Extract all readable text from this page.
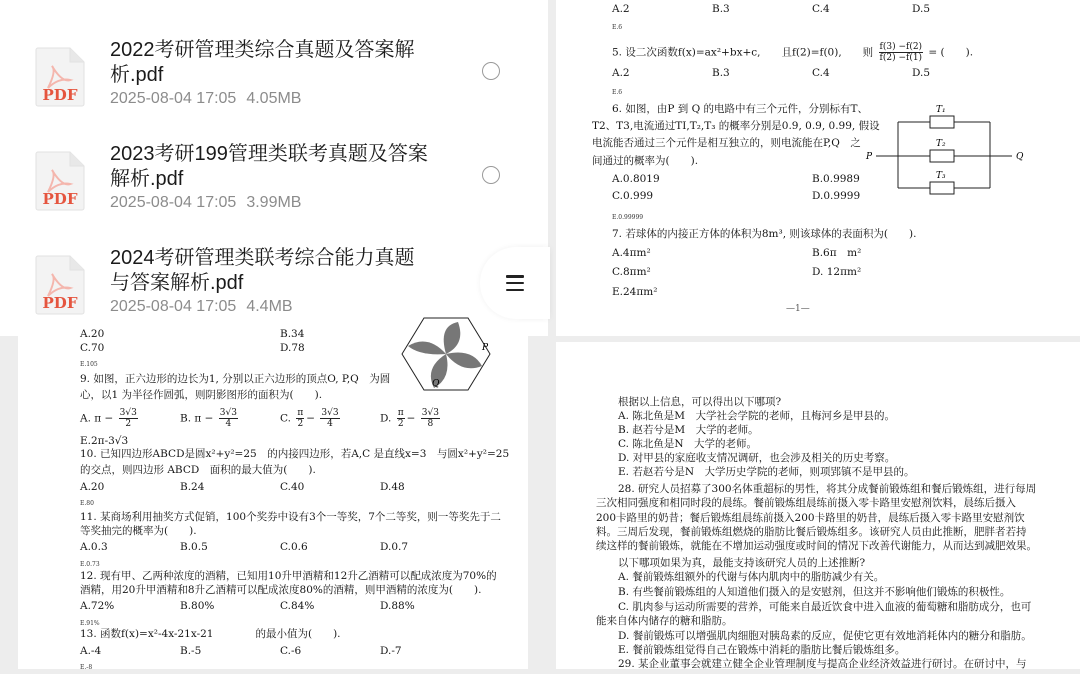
PDF
2022考研管理类综合真题及答案解
析.pdf
2025-08-04 17:05 4.05MB
PDF
2023考研199管理类联考真题及答案
解析.pdf
2025-08-04 17:05 3.99MB
PDF
2024考研管理类联考综合能力真题
与答案解析.pdf
2025-08-04 17:05 4.4MB
A.20	B.34
C.70	D.78
E.105
P
Q
9. 如图，正六边形的边长为1, 分别以正六边形的顶点O, P,Q　为圆
心，以1 为半径作圆弧，则阴影图形的面积为(　　).
A. $\pi - \frac{3√3}{2}$	B. $\pi - \frac{3√3}{4}$	C. $\frac{\pi}{2} - \frac{3√3}{4}$	D. $\frac{\pi}{2} - \frac{3√3}{8}$
E.2π-3√3
10. 已知四边形ABCD是圆x²+y²=25　的内接四边形，若A,C 是直线x=3　与圆x²+y²=25
的交点，则四边形 ABCD　面积的最大值为(　　).
A.20	B.24	C.40	D.48
E.80
11. 某商场利用抽奖方式促销，100个奖券中设有3个一等奖，7个二等奖，则一等奖先于二
等奖抽完的概率为(　　).
A.0.3	B.0.5	C.0.6	D.0.7
E.0.73
12. 现有甲、乙两种浓度的酒精，已知用10升甲酒精和12升乙酒精可以配成浓度为70%的
酒精，用20升甲酒精和8升乙酒精可以配成浓度80%的酒精，则甲酒精的浓度为(　　).
A.72%	B.80%	C.84%	D.88%
E.91%
13. 函数f(x)=x²-4x-21x-21　　　　的最小值为(　　).
A.-4	B.-5	C.-6	D.-7
E.-8
A.2	B.3	C.4	D.5
E.6
5. 设二次函数f(x)=ax²+bx+c,　　且f(2)=f(0),　　则 $\frac{f(3) -f(2)}{f(2) -f(1)}$ = (　　).
A.2	B.3	C.4	D.5
E.6
6. 如图，由P 到 Q 的电路中有三个元件，分别标有T、
T2、T3,电流通过TI,T₂,T₃ 的概率分别是0.9, 0.9, 0.99, 假设
电流能否通过三个元件是相互独立的，则电流能在P,Q　之
间通过的概率为(　　).
A.0.8019	B.0.9989
C.0.999	D.0.9999
E.0.99999
T₁
T₂
T₃
P	Q
7. 若球体的内接正方体的体积为8m³, 则该球体的表面积为(　　).
A.4πm²	B.6π　m²
C.8πm²	D. 12πm²
E.24πm²
—1—
根据以上信息，可以得出以下哪项?
A. 陈北鱼是M　大学社会学院的老师，且梅河乡是甲县的。
B. 赵若兮是M　大学的老师。
C. 陈北鱼是N　大学的老师。
D. 对甲县的家庭收支情况调研，也会涉及相关的历史考察。
E. 若赵若兮是N　大学历史学院的老师，则项郢镇不是甲县的。
28. 研究人员招募了300名体重超标的男性，将其分成餐前锻炼组和餐后锻炼组，进行每周
三次相同强度和相同时段的晨练。餐前锻炼组晨练前摄入零卡路里安慰剂饮料，晨练后摄入
200卡路里的奶昔；餐后锻炼组晨练前摄入200卡路里的奶昔，晨练后摄入零卡路里安慰剂饮
料。三周后发现，餐前锻炼组燃烧的脂肪比餐后锻炼组多。该研究人员由此推断，肥胖者若持
续这样的餐前锻炼，就能在不增加运动强度或时间的情况下改善代谢能力，从而达到减肥效果。
以下哪项如果为真，最能支持该研究人员的上述推断?
A. 餐前锻炼组额外的代谢与体内肌肉中的脂肪减少有关。
B. 有些餐前锻炼组的人知道他们摄入的是安慰剂，但这并不影响他们锻炼的积极性。
C. 肌肉参与运动所需要的营养，可能来自最近饮食中进入血液的葡萄糖和脂肪成分，也可
能来自体内储存的糖和脂肪。
D. 餐前锻炼可以增强肌肉细胞对胰岛素的反应，促使它更有效地消耗体内的糖分和脂肪。
E. 餐前锻炼组觉得自己在锻炼中消耗的脂肪比餐后锻炼组多。
29. 某企业董事会就建立健全企业管理制度与提高企业经济效益进行研讨。在研讨中，与
